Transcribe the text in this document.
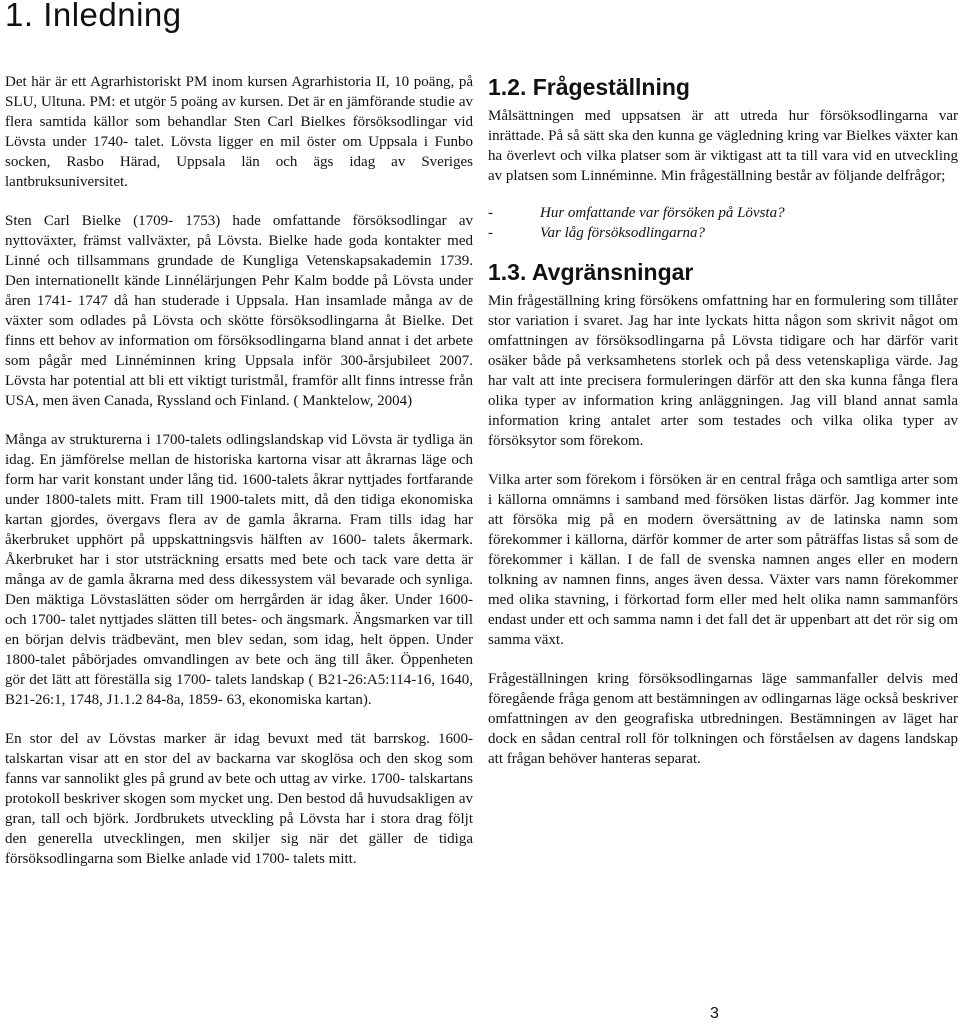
1. Inledning

Det här är ett Agrarhistoriskt PM inom kursen Agrarhistoria II, 10 poäng, på SLU, Ultuna. PM: et utgör 5 poäng av kursen. Det är en jämförande studie av flera samtida källor som behandlar Sten Carl Bielkes försöksodlingar vid Lövsta under 1740- talet. Lövsta ligger en mil öster om Uppsala i Funbo socken, Rasbo Härad, Uppsala län och ägs idag av Sveriges lantbruksuniversitet.

Sten Carl Bielke (1709- 1753) hade omfattande försöksodlingar av nyttoväxter, främst vallväxter, på Lövsta. Bielke hade goda kontakter med Linné och tillsammans grundade de Kungliga Vetenskapsakademin 1739. Den internationellt kände Linnélärjungen Pehr Kalm bodde på Lövsta under åren 1741- 1747 då han studerade i Uppsala. Han insamlade många av de växter som odlades på Lövsta och skötte försöksodlingarna åt Bielke. Det finns ett behov av information om försöksodlingarna bland annat i det arbete som pågår med Linnéminnen kring Uppsala inför 300-årsjubileet 2007. Lövsta har potential att bli ett viktigt turistmål, framför allt finns intresse från USA, men även Canada, Ryssland och Finland. ( Manktelow, 2004)

Många av strukturerna i 1700-talets odlingslandskap vid Lövsta är tydliga än idag. En jämförelse mellan de historiska kartorna visar att åkrarnas läge och form har varit konstant under lång tid. 1600-talets åkrar nyttjades fortfarande under 1800-talets mitt. Fram till 1900-talets mitt, då den tidiga ekonomiska kartan gjordes, övergavs flera av de gamla åkrarna. Fram tills idag har åkerbruket upphört på uppskattningsvis hälften av 1600- talets åkermark. Åkerbruket har i stor utsträckning ersatts med bete och tack vare detta är många av de gamla åkrarna med dess dikessystem väl bevarade och synliga. Den mäktiga Lövstaslätten söder om herrgården är idag åker. Under 1600- och 1700- talet nyttjades slätten till betes- och ängsmark. Ängsmarken var till en början delvis trädbevänt, men blev sedan, som idag, helt öppen. Under 1800-talet påbörjades omvandlingen av bete och äng till åker. Öppenheten gör det lätt att föreställa sig 1700- talets landskap ( B21-26:A5:114-16, 1640, B21-26:1, 1748, J1.1.2 84-8a, 1859- 63, ekonomiska kartan).

En stor del av Lövstas marker är idag bevuxt med tät barrskog. 1600- talskartan visar att en stor del av backarna var skoglösa och den skog som fanns var sannolikt gles på grund av bete och uttag av virke. 1700- talskartans protokoll beskriver skogen som mycket ung. Den bestod då huvudsakligen av gran, tall och björk. Jordbrukets utveckling på Lövsta har i stora drag följt den generella utvecklingen, men skiljer sig när det gäller de tidiga försöksodlingarna som Bielke anlade vid 1700- talets mitt.

1.2. Frågeställning

Målsättningen med uppsatsen är att utreda hur försöksodlingarna var inrättade. På så sätt ska den kunna ge vägledning kring var Bielkes växter kan ha överlevt och vilka platser som är viktigast att ta till vara vid en utveckling av platsen som Linnéminne. Min frågeställning består av följande delfrågor;

-	Hur omfattande var försöken på Lövsta?
-	Var låg försöksodlingarna?
1.3. Avgränsningar

Min frågeställning kring försökens omfattning har en formulering som tillåter stor variation i svaret. Jag har inte lyckats hitta någon som skrivit något om omfattningen av försöksodlingarna på Lövsta tidigare och har därför varit osäker både på verksamhetens storlek och på dess vetenskapliga värde. Jag har valt att inte precisera formuleringen därför att den ska kunna fånga flera olika typer av information kring anläggningen. Jag vill bland annat samla information kring antalet arter som testades och vilka olika typer av försöksytor som förekom.

Vilka arter som förekom i försöken är en central fråga och samtliga arter som i källorna omnämns i samband med försöken listas därför. Jag kommer inte att försöka mig på en modern översättning av de latinska namn som förekommer i källorna, därför kommer de arter som påträffas listas så som de förekommer i källan. I de fall de svenska namnen anges eller en modern tolkning av namnen finns, anges även dessa. Växter vars namn förekommer med olika stavning, i förkortad form eller med helt olika namn sammanförs endast under ett och samma namn i det fall det är uppenbart att det rör sig om samma växt.

Frågeställningen kring försöksodlingarnas läge sammanfaller delvis med föregående fråga genom att bestämningen av odlingarnas läge också beskriver omfattningen av den geografiska utbredningen. Bestämningen av läget har dock en sådan central roll för tolkningen och förståelsen av dagens landskap att frågan behöver hanteras separat.

3
